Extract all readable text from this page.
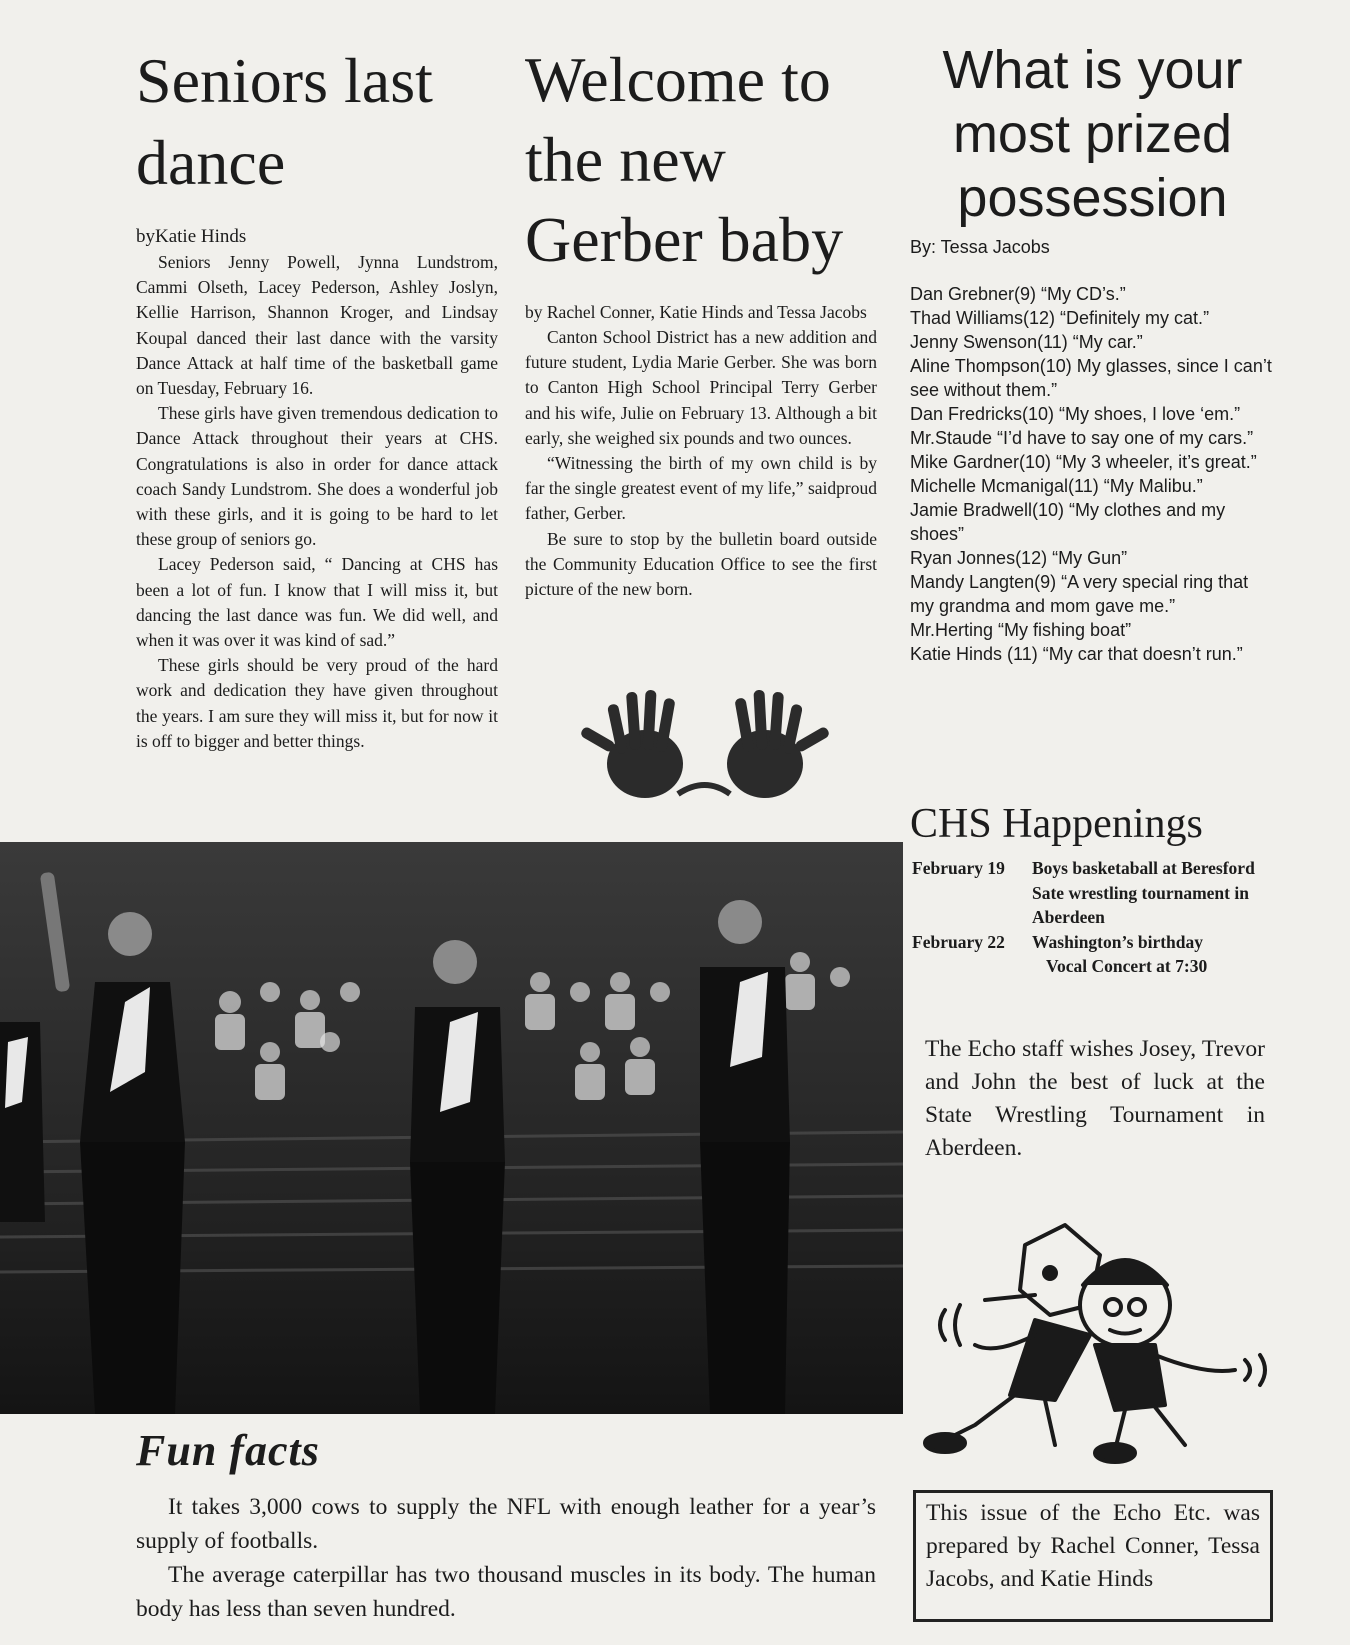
Seniors last dance
byKatie Hinds

Seniors Jenny Powell, Jynna Lundstrom, Cammi Olseth, Lacey Pederson, Ashley Joslyn, Kellie Harrison, Shannon Kroger, and Lindsay Koupal danced their last dance with the varsity Dance Attack at half time of the basketball game on Tuesday, February 16.

These girls have given tremendous dedication to Dance Attack throughout their years at CHS. Congratulations is also in order for dance attack coach Sandy Lundstrom. She does a wonderful job with these girls, and it is going to be hard to let these group of seniors go.

Lacey Pederson said, “ Dancing at CHS has been a lot of fun. I know that I will miss it, but dancing the last dance was fun. We did well, and when it was over it was kind of sad.”

These girls should be very proud of the hard work and dedication they have given throughout the years. I am sure they will miss it, but for now it is off to bigger and better things.

Welcome to the new Gerber baby
by Rachel Conner, Katie Hinds and Tessa Jacobs

Canton School District has a new addition and future student, Lydia Marie Gerber. She was born to Canton High School Principal Terry Gerber and his wife, Julie on February 13. Although a bit early, she weighed six pounds and two ounces.

“Witnessing the birth of my own child is by far the single greatest event of my life,” saidproud father, Gerber.

Be sure to stop by the bulletin board outside the Community Education Office to see the first picture of the new born.

What is your most prized possession
By: Tessa Jacobs
Dan Grebner(9) “My CD’s.”
Thad Williams(12) “Definitely my cat.”
Jenny Swenson(11) “My car.”
Aline Thompson(10) My glasses, since I can’t see without them.”
Dan Fredricks(10) “My shoes, I love ‘em.”
Mr.Staude “I’d have to say one of my cars.”
Mike Gardner(10) “My 3 wheeler, it’s great.”
Michelle Mcmanigal(11) “My Malibu.”
Jamie Bradwell(10) “My clothes and my shoes”
Ryan Jonnes(12) “My Gun”
Mandy Langten(9) “A very special ring that my grandma and mom gave me.”
Mr.Herting “My fishing boat”
Katie Hinds (11) “My car that doesn’t run.”
CHS Happenings
February 19	Boys basketaball at Beresford
Sate wrestling tournament in Aberdeen
February 22	Washington’s birthday
Vocal Concert at 7:30
The Echo staff wishes Josey, Trevor and John the best of luck at the State Wrestling Tournament in Aberdeen.
Fun facts

It takes 3,000 cows to supply the NFL with enough leather for a year’s supply of footballs.

The average caterpillar has two thousand muscles in its body. The human body has less than seven hundred.

This issue of the Echo Etc. was prepared by Rachel Conner, Tessa Jacobs, and Katie Hinds
